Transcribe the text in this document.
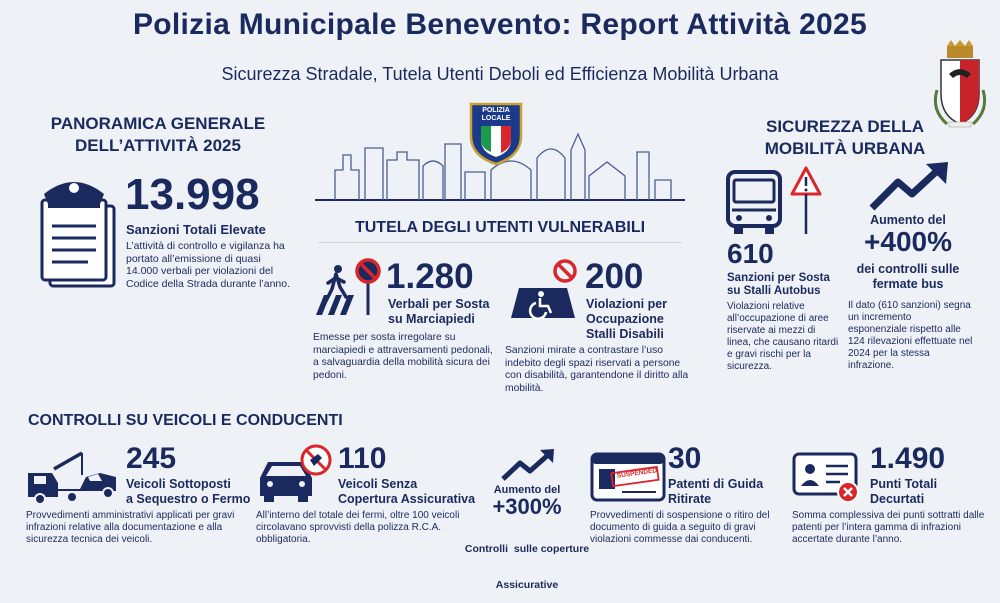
Polizia Municipale Benevento: Report Attività 2025
Sicurezza Stradale, Tutela Utenti Deboli ed Efficienza Mobilità Urbana
PANORAMICA GENERALE
DELL’ATTIVITÀ 2025
13.998
Sanzioni Totali Elevate
L’attività di controllo e vigilanza ha portato all’emissione di quasi 14.000 verbali per violazioni del Codice della Strada durante l’anno.
POLIZIA
LOCALE
TUTELA DEGLI UTENTI VULNERABILI
1.280
Verbali per Sosta
su Marciapiedi
Emesse per sosta irregolare su marciapiedi e attraversamenti pedonali, a salvaguardia della mobilità sicura dei pedoni.
200
Violazioni per
Occupazione
Stalli Disabili
Sanzioni mirate a contrastare l’uso indebito degli spazi riservati a persone con disabilità, garantendone il diritto alla mobilità.
SICUREZZA DELLA
MOBILITÀ URBANA
610
Sanzioni per Sosta
su Stalli Autobus
Violazioni relative all’occupazione di aree riservate ai mezzi di linea, che causano ritardi e gravi rischi per la sicurezza.
Aumento del
+400%
dei controlli sulle
fermate bus
Il dato (610 sanzioni) segna un incremento esponenziale rispetto alle 124 rilevazioni effettuate nel 2024 per la stessa infrazione.
CONTROLLI SU VEICOLI E CONDUCENTI
245
Veicoli Sottoposti
a Sequestro o Fermo
Provvedimenti amministrativi applicati per gravi infrazioni relative alla documentazione e alla sicurezza tecnica dei veicoli.
110
Veicoli Senza
Copertura Assicurativa
All’interno del totale dei fermi, oltre 100 veicoli circolavano sprovvisti della polizza R.C.A. obbligatoria.
Aumento del
+300%

Controlli  sulle coperture

Assicurative

SUSPENDED 30
Patenti di Guida
Ritirate
Provvedimenti di sospensione o ritiro del documento di guida a seguito di gravi violazioni commesse dai conducenti.
1.490
Punti Totali
Decurtati
Somma complessiva dei punti sottratti dalle patenti per l’intera gamma di infrazioni accertate durante l’anno.
